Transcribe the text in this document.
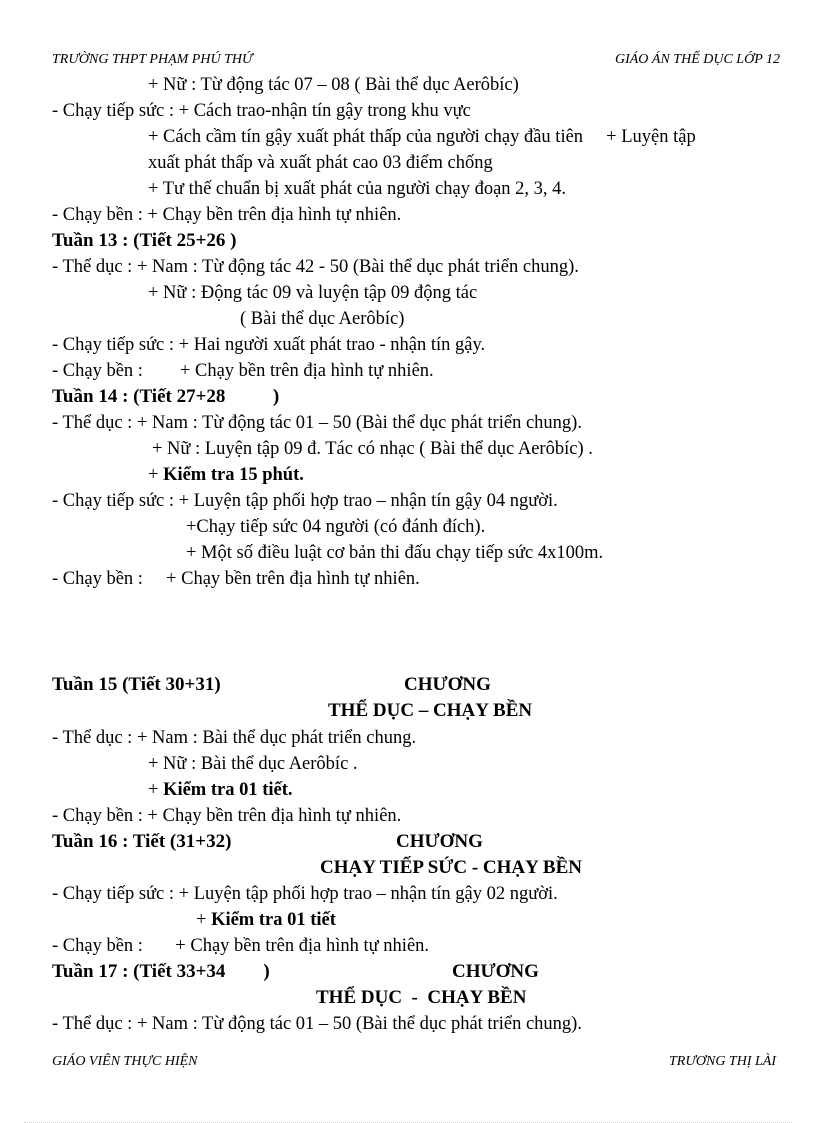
TRƯỜNG THPT PHẠM PHÚ THỨ	GIÁO ÁN THỂ DỤC LỚP 12
+ Nữ : Từ động tác 07 – 08 ( Bài thể dục Aerôbíc)
- Chạy tiếp sức : + Cách trao-nhận tín gậy trong khu vực
+ Cách cầm tín gậy xuất phát thấp của người chạy đầu tiên     + Luyện tập
xuất phát thấp và xuất phát cao 03 điểm chống
+ Tư thế chuẩn bị xuất phát của người chạy đoạn 2, 3, 4.
- Chạy bền : + Chạy bền trên địa hình tự nhiên.
Tuần 13 : (Tiết 25+26 )
- Thể dục : + Nam : Từ động tác 42 - 50 (Bài thể dục phát triển chung).
+ Nữ : Động tác 09 và luyện tập 09 động tác
( Bài thể dục Aerôbíc)
- Chạy tiếp sức : + Hai người xuất phát trao - nhận tín gậy.
- Chạy bền :        + Chạy bền trên địa hình tự nhiên.
Tuần 14 : (Tiết 27+28          )
- Thể dục : + Nam : Từ động tác 01 – 50 (Bài thể dục phát triển chung).
+ Nữ : Luyện tập 09 đ. Tác có nhạc ( Bài thể dục Aerôbíc) .
+ Kiểm tra 15 phút.
- Chạy tiếp sức : + Luyện tập phối hợp trao – nhận tín gậy 04 người.
+Chạy tiếp sức 04 người (có đánh đích).
+ Một số điều luật cơ bản thi đấu chạy tiếp sức 4x100m.
- Chạy bền :     + Chạy bền trên địa hình tự nhiên.
Tuần 15 (Tiết 30+31)	CHƯƠNG
THỂ DỤC – CHẠY BỀN
- Thể dục : + Nam : Bài thể dục phát triển chung.
+ Nữ : Bài thể dục Aerôbíc .
+ Kiểm tra 01 tiết.
- Chạy bền : + Chạy bền trên địa hình tự nhiên.
Tuần 16 : Tiết (31+32)	CHƯƠNG
CHẠY TIẾP SỨC - CHẠY BỀN
- Chạy tiếp sức : + Luyện tập phối hợp trao – nhận tín gậy 02 người.
+ Kiểm tra 01 tiết
- Chạy bền :       + Chạy bền trên địa hình tự nhiên.
Tuần 17 : (Tiết 33+34        )	CHƯƠNG
THỂ DỤC  -  CHẠY BỀN
- Thể dục : + Nam : Từ động tác 01 – 50 (Bài thể dục phát triển chung).
GIÁO VIÊN THỰC HIỆN	TRƯƠNG THỊ LÀI
